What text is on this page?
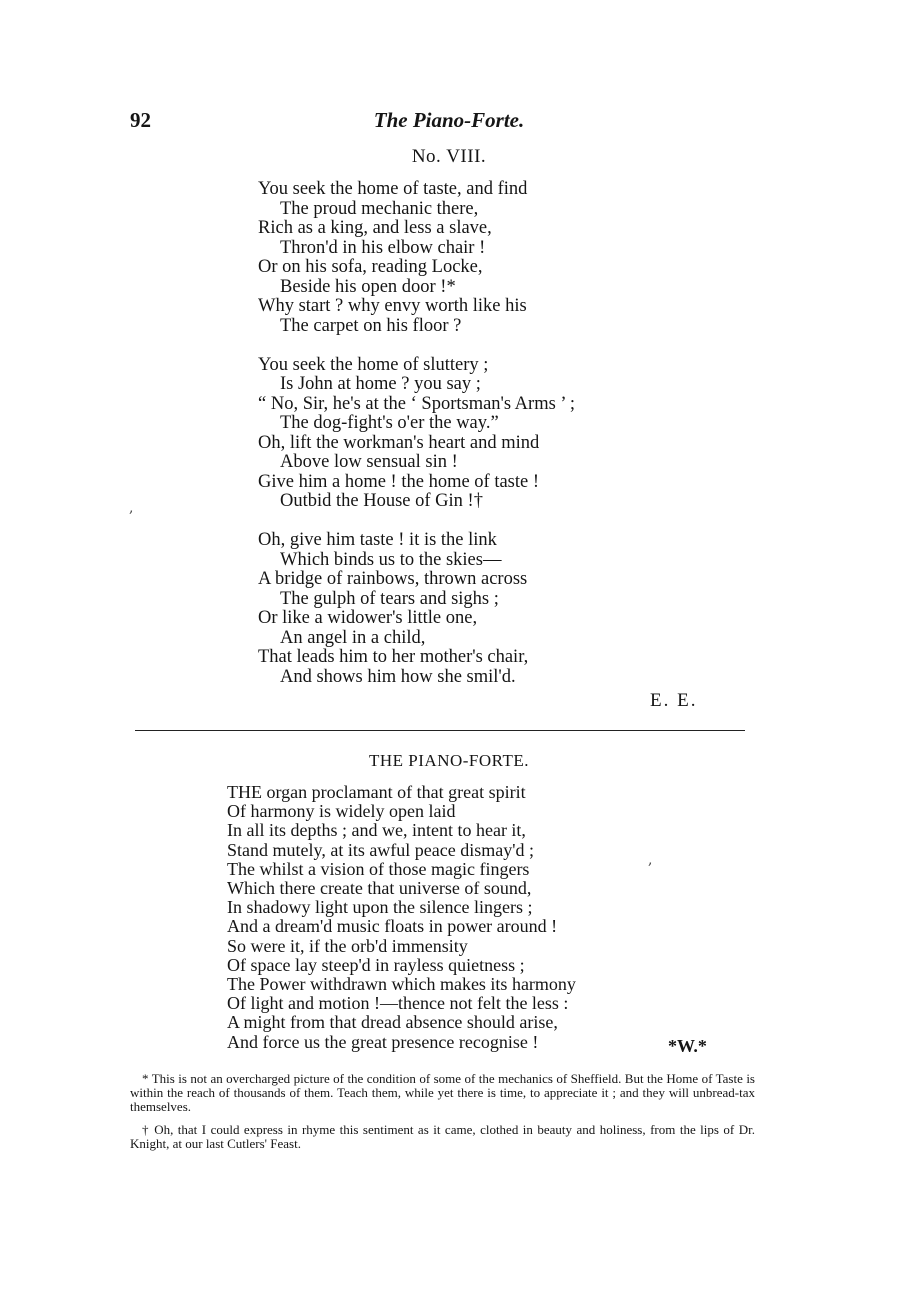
92	The Piano-Forte.
No. VIII.
You seek the home of taste, and find
The proud mechanic there,
Rich as a king, and less a slave,
Thron'd in his elbow chair !
Or on his sofa, reading Locke,
Beside his open door !*
Why start ? why envy worth like his
The carpet on his floor ?
You seek the home of sluttery ;
Is John at home ? you say ;
“ No, Sir, he's at the ‘ Sportsman's Arms ’ ;
The dog-fight's o'er the way.”
Oh, lift the workman's heart and mind
Above low sensual sin !
Give him a home ! the home of taste !
Outbid the House of Gin !†
Oh, give him taste ! it is the link
Which binds us to the skies—
A bridge of rainbows, thrown across
The gulph of tears and sighs ;
Or like a widower's little one,
An angel in a child,
That leads him to her mother's chair,
And shows him how she smil'd.
E. E.
,
,
THE PIANO-FORTE.
THE organ proclamant of that great spirit
Of harmony is widely open laid
In all its depths ; and we, intent to hear it,
Stand mutely, at its awful peace dismay'd ;
The whilst a vision of those magic fingers
Which there create that universe of sound,
In shadowy light upon the silence lingers ;
And a dream'd music floats in power around !
So were it, if the orb'd immensity
Of space lay steep'd in rayless quietness ;
The Power withdrawn which makes its harmony
Of light and motion !—thence not felt the less :
A might from that dread absence should arise,
And force us the great presence recognise !	*W.*

* This is not an overcharged picture of the condition of some of the mechanics of Sheffield. But the Home of Taste is within the reach of thousands of them. Teach them, while yet there is time, to appreciate it ; and they will unbread-tax themselves.

† Oh, that I could express in rhyme this sentiment as it came, clothed in beauty and holiness, from the lips of Dr. Knight, at our last Cutlers' Feast.
